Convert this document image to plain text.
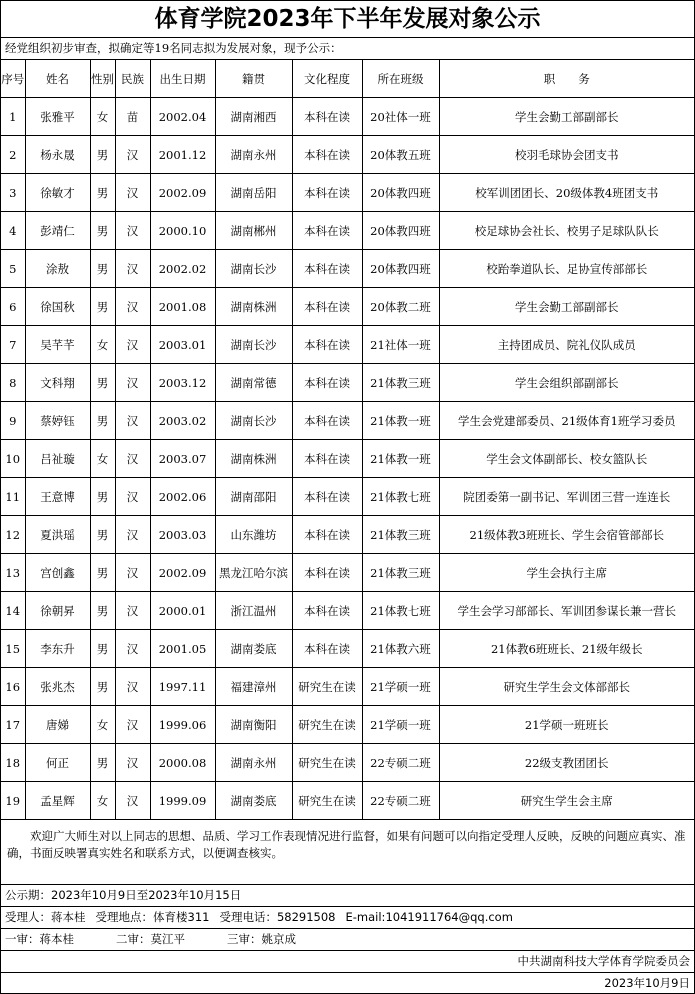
体育学院2023年下半年发展对象公示
经党组织初步审查，拟确定等19名同志拟为发展对象，现予公示：
序号	姓名	性别	民族	出生日期	籍贯	文化程度	所在班级	职　　务
1	张雅平	女	苗	2002.04	湖南湘西	本科在读	20社体一班	学生会勤工部副部长
2	杨永晟	男	汉	2001.12	湖南永州	本科在读	20体教五班	校羽毛球协会团支书
3	徐敏才	男	汉	2002.09	湖南岳阳	本科在读	20体教四班	校军训团团长、20级体教4班团支书
4	彭靖仁	男	汉	2000.10	湖南郴州	本科在读	20体教四班	校足球协会社长、校男子足球队队长
5	涂敖	男	汉	2002.02	湖南长沙	本科在读	20体教四班	校跆拳道队长、足协宣传部部长
6	徐国秋	男	汉	2001.08	湖南株洲	本科在读	20体教二班	学生会勤工部副部长
7	吴芊芊	女	汉	2003.01	湖南长沙	本科在读	21社体一班	主持团成员、院礼仪队成员
8	文科翔	男	汉	2003.12	湖南常德	本科在读	21体教三班	学生会组织部副部长
9	蔡婷钰	男	汉	2003.02	湖南长沙	本科在读	21体教一班	学生会党建部委员、21级体育1班学习委员
10	吕祉璇	女	汉	2003.07	湖南株洲	本科在读	21体教一班	学生会文体副部长、校女篮队长
11	王意博	男	汉	2002.06	湖南邵阳	本科在读	21体教七班	院团委第一副书记、军训团三营一连连长
12	夏洪瑶	男	汉	2003.03	山东潍坊	本科在读	21体教三班	21级体教3班班长、学生会宿管部部长
13	宫创鑫	男	汉	2002.09	黑龙江哈尔滨	本科在读	21体教三班	学生会执行主席
14	徐朝昇	男	汉	2000.01	浙江温州	本科在读	21体教七班	学生会学习部部长、军训团参谋长兼一营长
15	李东升	男	汉	2001.05	湖南娄底	本科在读	21体教六班	21体教6班班长、21级年级长
16	张兆杰	男	汉	1997.11	福建漳州	研究生在读	21学硕一班	研究生学生会文体部部长
17	唐娣	女	汉	1999.06	湖南衡阳	研究生在读	21学硕一班	21学硕一班班长
18	何正	男	汉	2000.08	湖南永州	研究生在读	22专硕二班	22级支教团团长
19	孟星辉	女	汉	1999.09	湖南娄底	研究生在读	22专硕二班	研究生学生会主席
欢迎广大师生对以上同志的思想、品质、学习工作表现情况进行监督，如果有问题可以向指定受理人反映，反映的问题应真实、准确，书面反映署真实姓名和联系方式，以便调查核实。
公示期：2023年10月9日至2023年10月15日
受理人：蒋本桂 受理地点：体育楼311 受理电话：58291508 E-mail:1041911764@qq.com
一审：蒋本桂	二审：莫江平	三审：姚京成
中共湖南科技大学体育学院委员会
2023年10月9日
